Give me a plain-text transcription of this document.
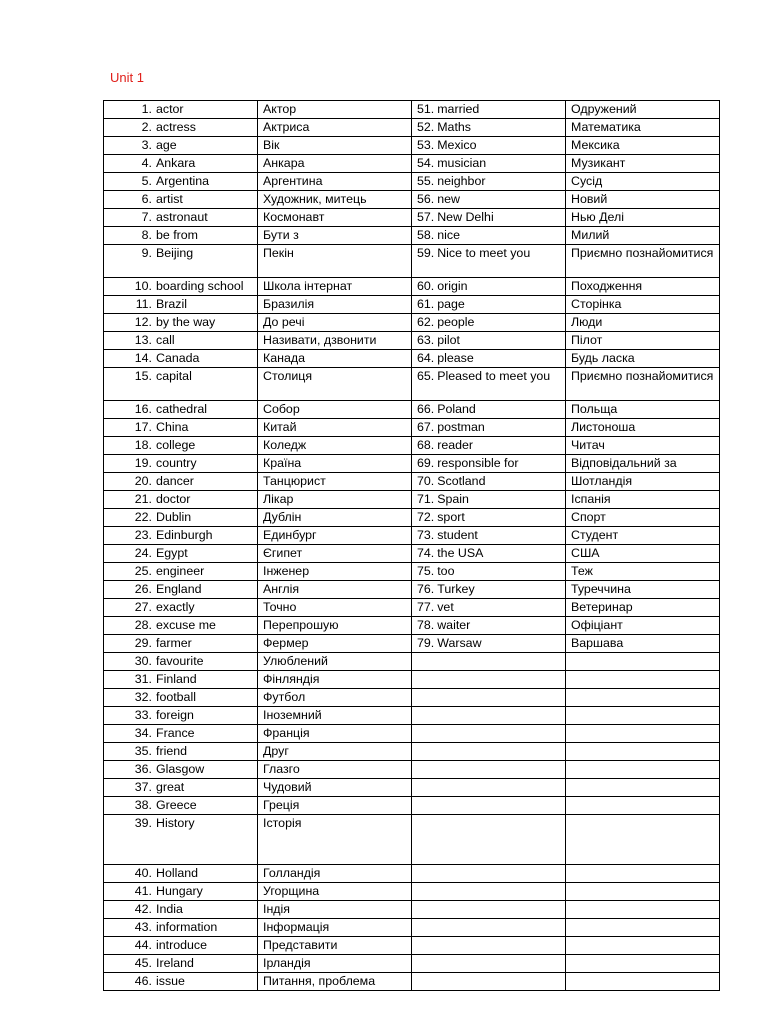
Unit 1
1. actor	Актор	51. married	Одружений
2. actress	Актриса	52. Maths	Математика
3. age	Вік	53. Mexico	Мексика
4. Ankara	Анкара	54. musician	Музикант
5. Argentina	Аргентина	55. neighbor	Сусід
6. artist	Художник, митець	56. new	Новий
7. astronaut	Космонавт	57. New Delhi	Нью Делі
8. be from	Бути з	58. nice	Милий
9. Beijing	Пекін	59. Nice to meet you	Приємно познайомитися
10. boarding school	Школа інтернат	60. origin	Походження
11. Brazil	Бразилія	61. page	Сторінка
12. by the way	До речі	62. people	Люди
13. call	Називати, дзвонити	63. pilot	Пілот
14. Canada	Канада	64. please	Будь ласка
15. capital	Столиця	65. Pleased to meet you	Приємно познайомитися
16. cathedral	Собор	66. Poland	Польща
17. China	Китай	67. postman	Листоноша
18. college	Коледж	68. reader	Читач
19. country	Країна	69. responsible for	Відповідальний за
20. dancer	Танцюрист	70. Scotland	Шотландія
21. doctor	Лікар	71. Spain	Іспанія
22. Dublin	Дублін	72. sport	Спорт
23. Edinburgh	Единбург	73. student	Студент
24. Egypt	Єгипет	74. the USA	США
25. engineer	Інженер	75. too	Теж
26. England	Англія	76. Turkey	Туреччина
27. exactly	Точно	77. vet	Ветеринар
28. excuse me	Перепрошую	78. waiter	Офіціант
29. farmer	Фермер	79. Warsaw	Варшава
30. favourite	Улюблений		
31. Finland	Фінляндія		
32. football	Футбол		
33. foreign	Іноземний		
34. France	Франція		
35. friend	Друг		
36. Glasgow	Глазго		
37. great	Чудовий		
38. Greece	Греція		
39. History	Історія		
40. Holland	Голландія		
41. Hungary	Угорщина		
42. India	Індія		
43. information	Інформація		
44. introduce	Представити		
45. Ireland	Ірландія		
46. issue	Питання, проблема		
